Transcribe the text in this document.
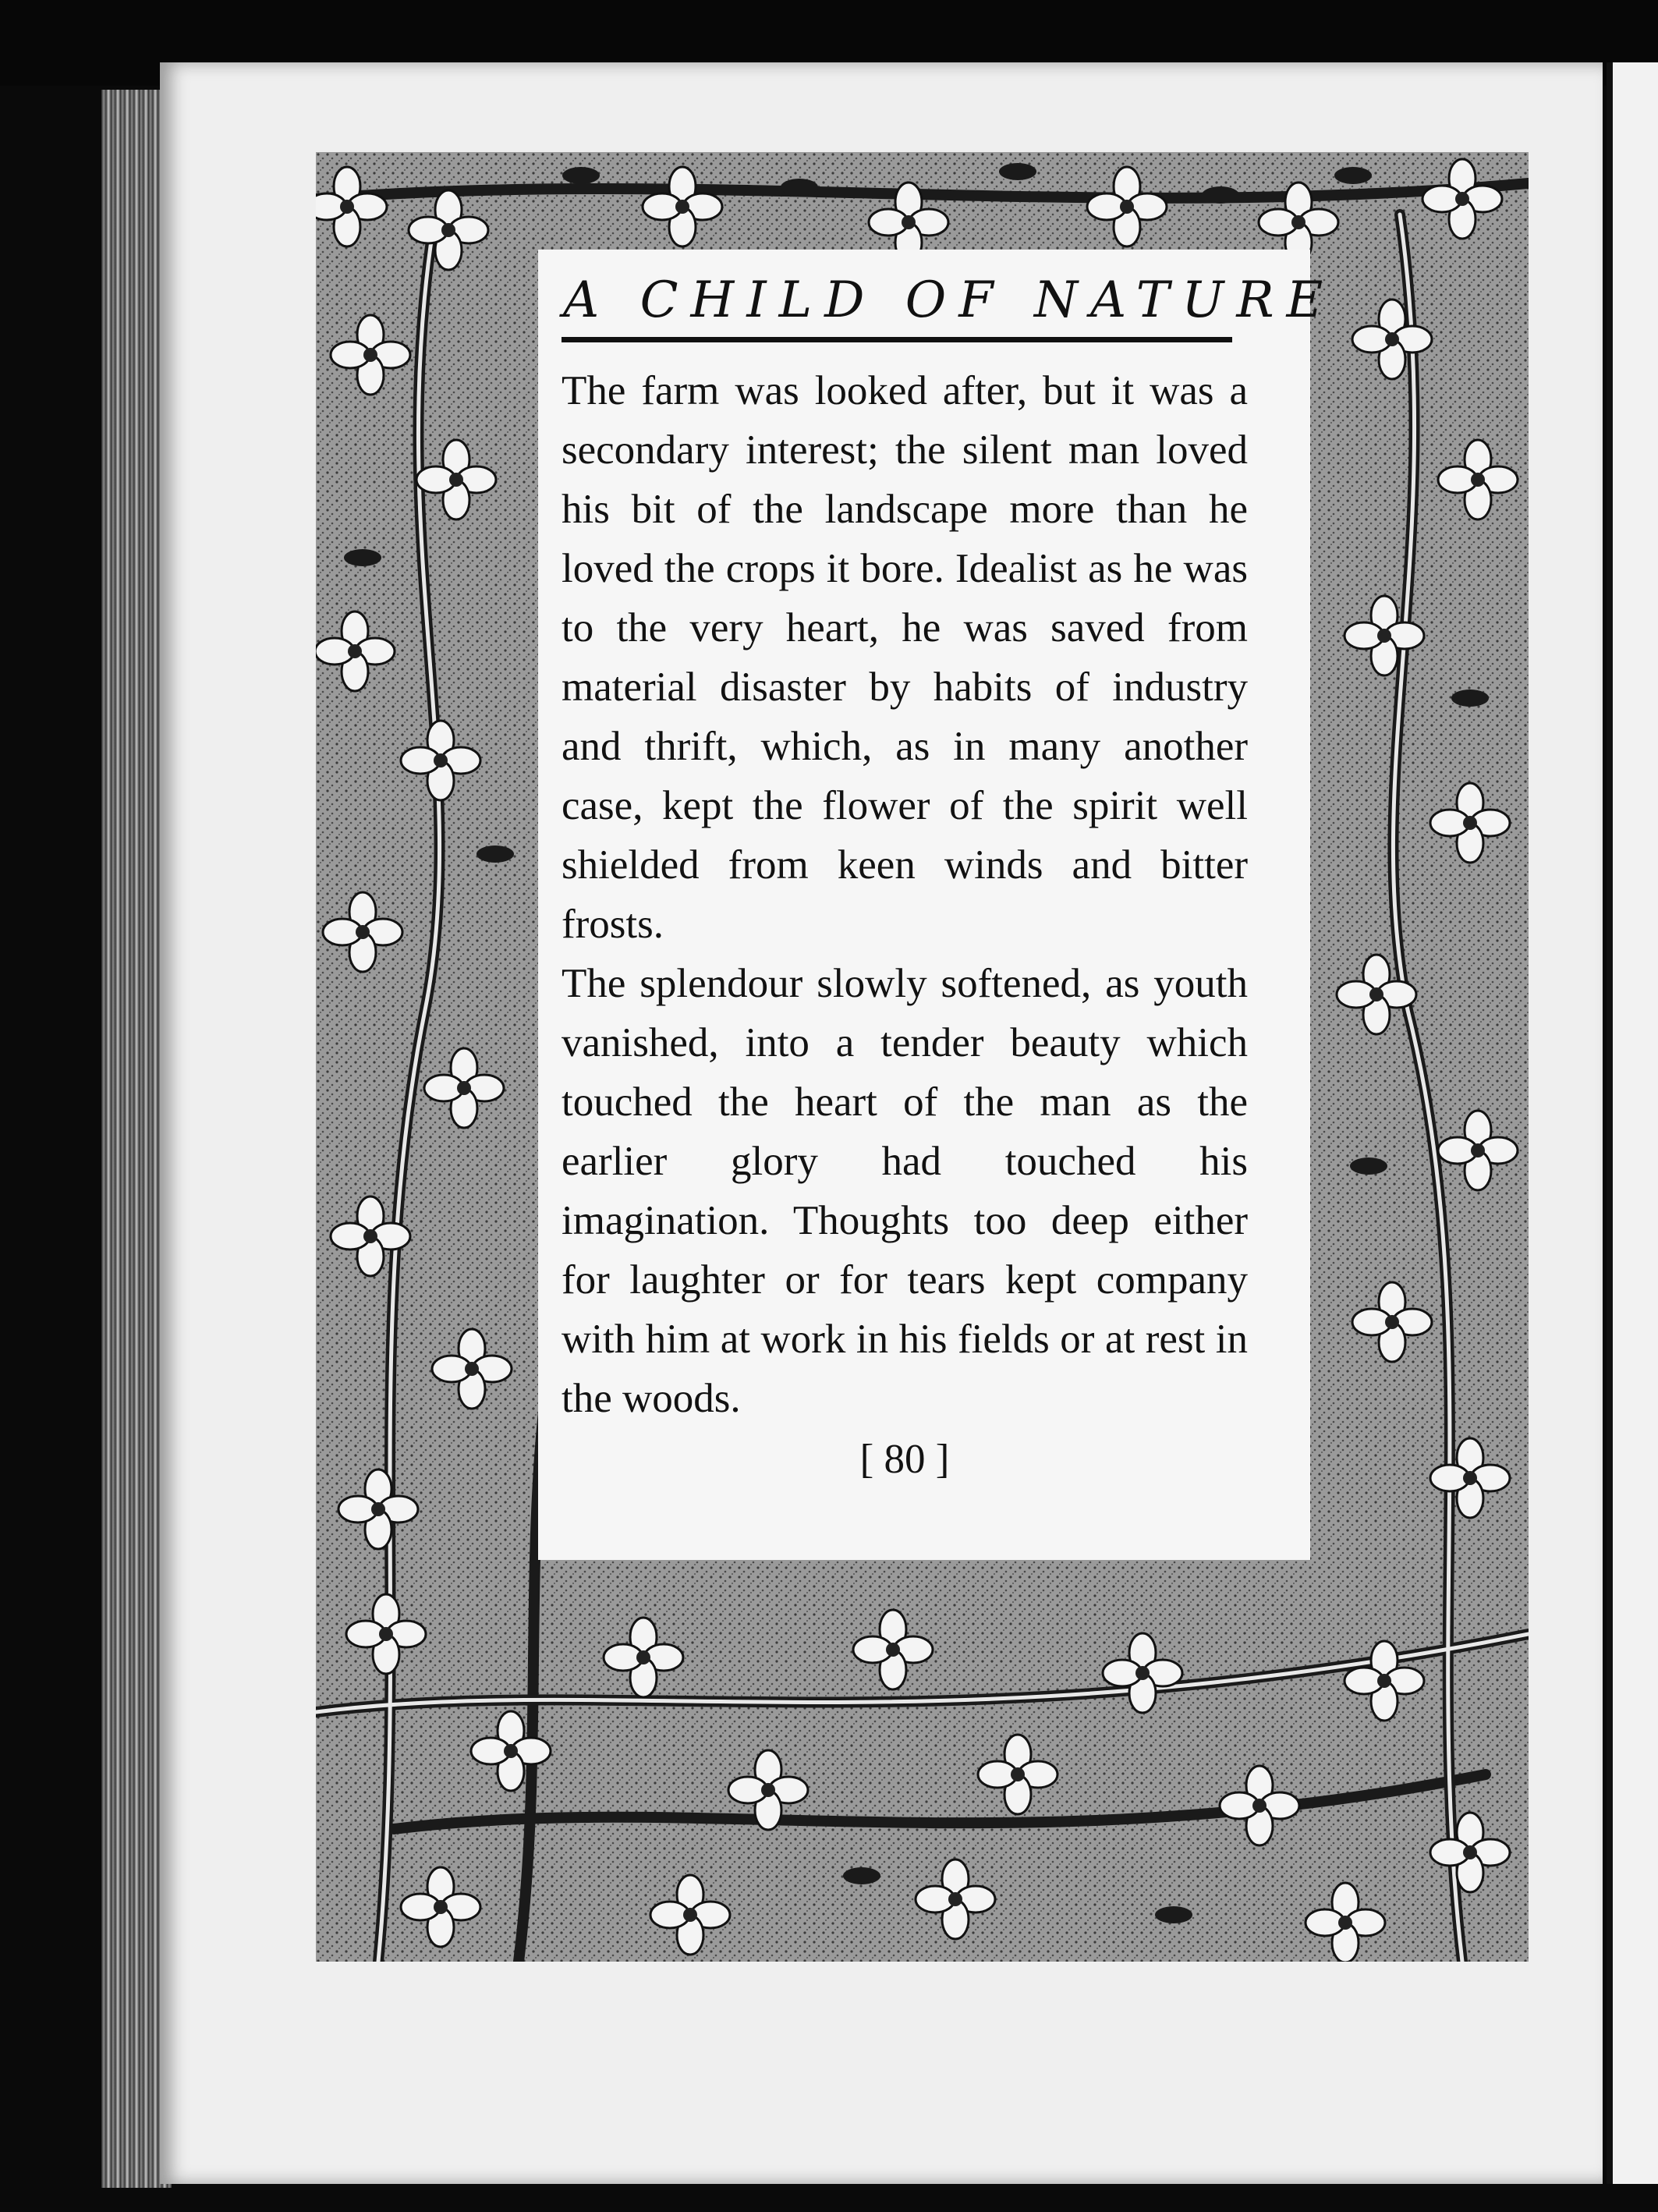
A CHILD OF NATURE

The farm was looked after, but it was a secondary interest; the silent man loved his bit of the landscape more than he loved the crops it bore. Idealist as he was to the very heart, he was saved from material disaster by habits of industry and thrift, which, as in many another case, kept the flower of the spirit well shielded from keen winds and bitter frosts.

The splendour slowly softened, as youth vanished, into a tender beauty which touched the heart of the man as the earlier glory had touched his imagination. Thoughts too deep either for laughter or for tears kept company with him at work in his fields or at rest in the woods.

[ 80 ]
